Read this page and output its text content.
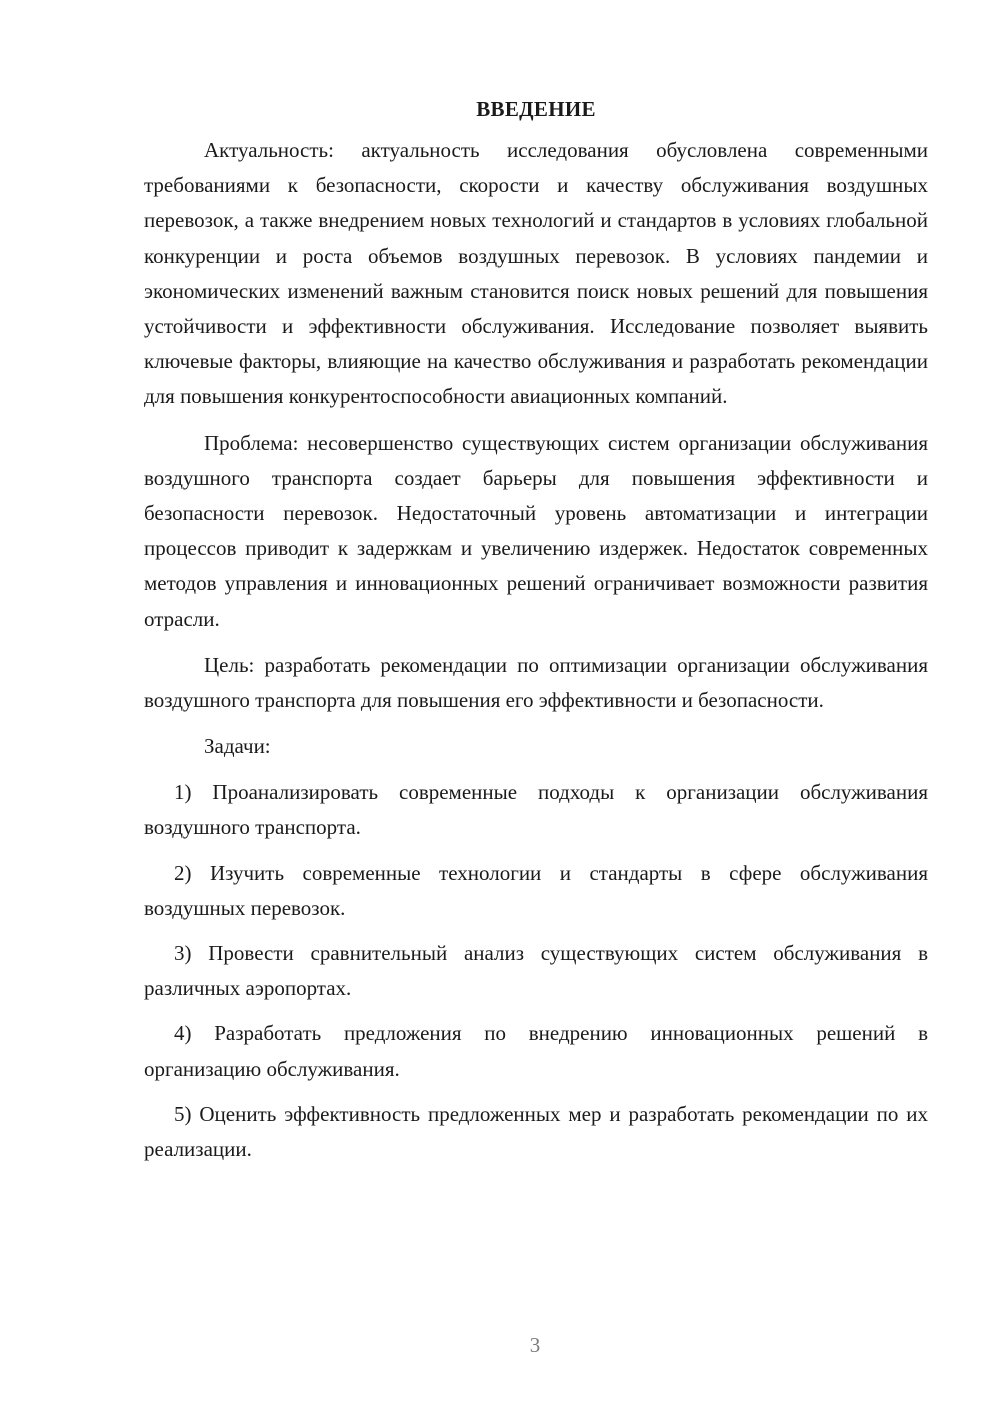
ВВЕДЕНИЕ

Актуальность: актуальность исследования обусловлена современными требованиями к безопасности, скорости и качеству обслуживания воздушных перевозок, а также внедрением новых технологий и стандартов в условиях глобальной конкуренции и роста объемов воздушных перевозок. В условиях пандемии и экономических изменений важным становится поиск новых решений для повышения устойчивости и эффективности обслуживания. Исследование позволяет выявить ключевые факторы, влияющие на качество обслуживания и разработать рекомендации для повышения конкурентоспособности авиационных компаний.

Проблема: несовершенство существующих систем организации обслуживания воздушного транспорта создает барьеры для повышения эффективности и безопасности перевозок. Недостаточный уровень автоматизации и интеграции процессов приводит к задержкам и увеличению издержек. Недостаток современных методов управления и инновационных решений ограничивает возможности развития отрасли.

Цель: разработать рекомендации по оптимизации организации обслуживания воздушного транспорта для повышения его эффективности и безопасности.

Задачи:

1) Проанализировать современные подходы к организации обслуживания воздушного транспорта.

2) Изучить современные технологии и стандарты в сфере обслуживания воздушных перевозок.

3) Провести сравнительный анализ существующих систем обслуживания в различных аэропортах.

4) Разработать предложения по внедрению инновационных решений в организацию обслуживания.

5) Оценить эффективность предложенных мер и разработать рекомендации по их реализации.

3
